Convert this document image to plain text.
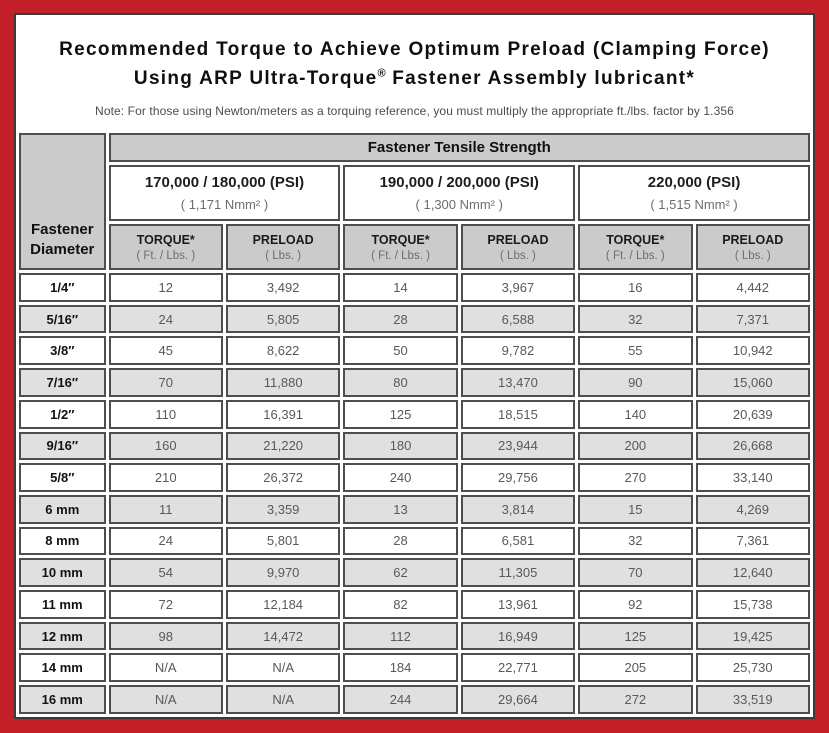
Recommended Torque to Achieve Optimum Preload (Clamping Force)
Using ARP Ultra-Torque® Fastener Assembly lubricant*

Note: For those using Newton/meters as a torquing reference, you must multiply the appropriate ft./lbs. factor by 1.356

Fastener Diameter	Fastener Tensile Strength					

	170,000 / 180,000 (PSI)
( 1,171 Nmm² )		190,000 / 200,000 (PSI)
( 1,300 Nmm² )		220,000 (PSI)
( 1,515 Nmm² )	

	TORQUE*
( Ft. / Lbs. )	PRELOAD
( Lbs. )	TORQUE*
( Ft. / Lbs. )	PRELOAD
( Lbs. )	TORQUE*
( Ft. / Lbs. )	PRELOAD
( Lbs. )

1/4″	12	3,492	14	3,967	16	4,442
5/16″	24	5,805	28	6,588	32	7,371
3/8″	45	8,622	50	9,782	55	10,942
7/16″	70	11,880	80	13,470	90	15,060
1/2″	110	16,391	125	18,515	140	20,639
9/16″	160	21,220	180	23,944	200	26,668
5/8″	210	26,372	240	29,756	270	33,140
6 mm	11	3,359	13	3,814	15	4,269
8 mm	24	5,801	28	6,581	32	7,361
10 mm	54	9,970	62	11,305	70	12,640
11 mm	72	12,184	82	13,961	92	15,738
12 mm	98	14,472	112	16,949	125	19,425
14 mm	N/A	N/A	184	22,771	205	25,730
16 mm	N/A	N/A	244	29,664	272	33,519
